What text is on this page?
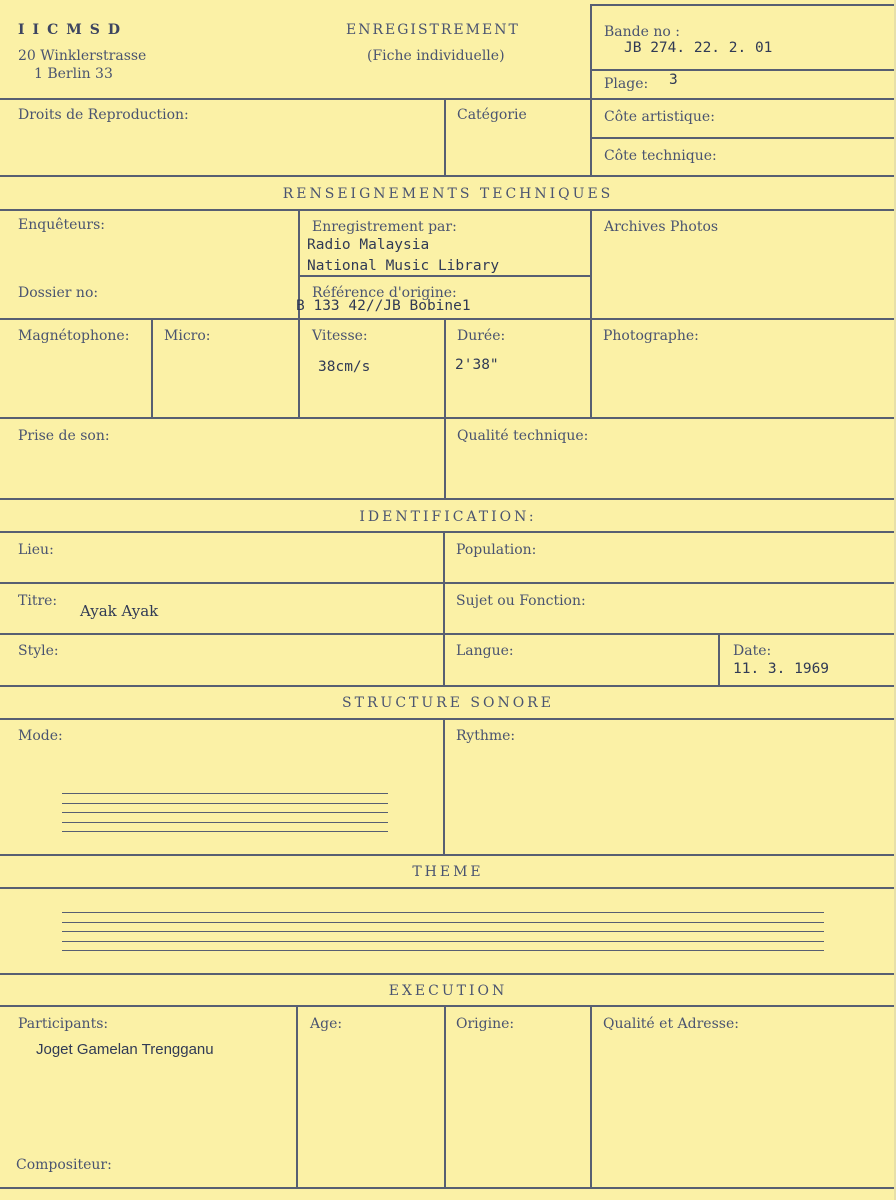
IICMSD
20 Winklerstrasse
1 Berlin 33
ENREGISTREMENT
(Fiche individuelle)
Bande no :
JB 274. 22. 2. 01
Plage: 3
Droits de Reproduction:	Catégorie	Côte artistique:
Côte technique:
RENSEIGNEMENTS TECHNIQUES
Enquêteurs:	Enregistrement par:
Radio Malaysia
National Music Library
Archives Photos
Dossier no:	Référence d'origine:
B 133 42//JB Bobine1
Magnétophone: Micro:	Vitesse:
38cm/s
Durée:
2'38"
Photographe:
Prise de son:	Qualité technique:
IDENTIFICATION:
Lieu:	Population:
Titre:
Ayak Ayak
Sujet ou Fonction:
Style:	Langue:	Date:
11. 3. 1969
STRUCTURE SONORE
Mode:	Rythme:
THEME
EXECUTION
Participants:
Joget Gamelan Trengganu
Age:	Origine:	Qualité et Adresse:
Compositeur:
